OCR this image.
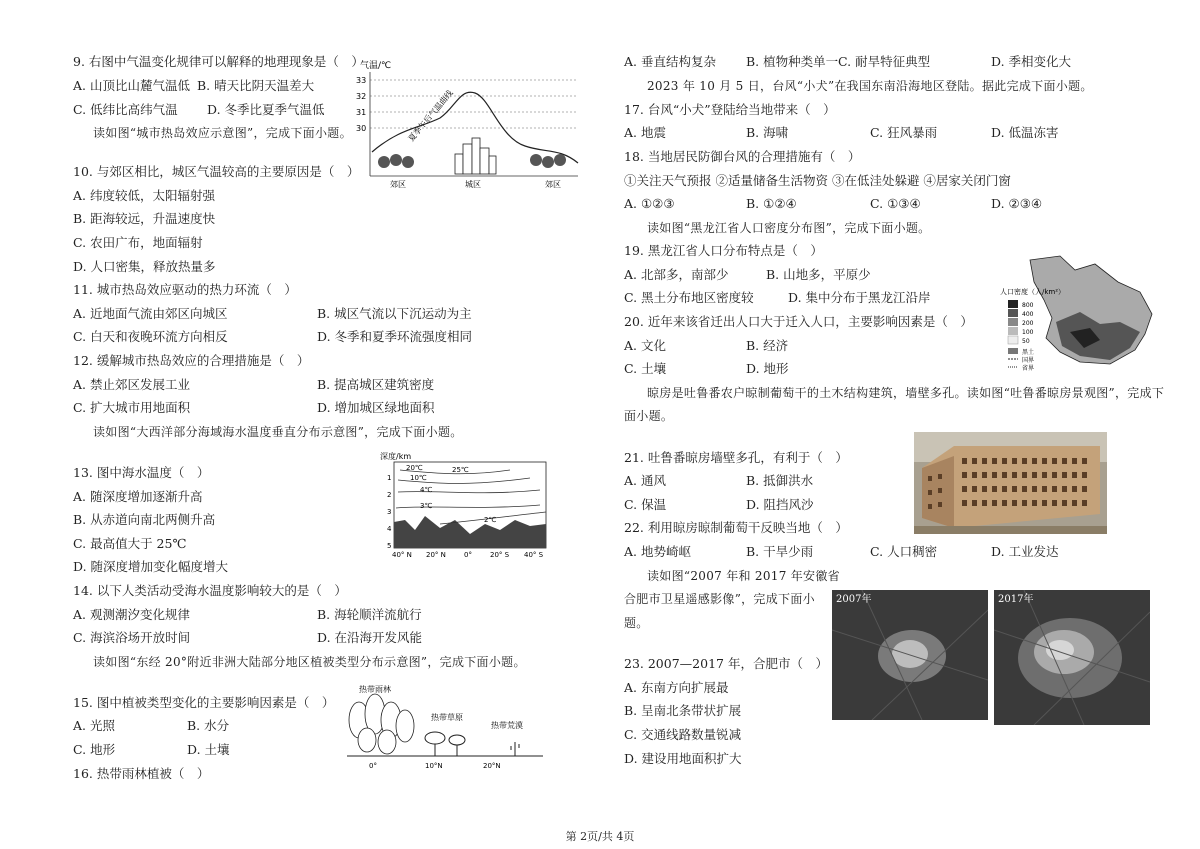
9. 右图中气温变化规律可以解释的地理现象是（　）
A. 山顶比山麓气温低 B. 晴天比阴天温差大
C. 低纬比高纬气温 D. 冬季比夏季气温低
读如图“城市热岛效应示意图”，完成下面小题。
气温/℃
33
32
31
30	夏季午后气温曲线
郊区	城区	郊区
10. 与郊区相比，城区气温较高的主要原因是（　）
A. 纬度较低，太阳辐射强
B. 距海较远，升温速度快
C. 农田广布，地面辐射
D. 人口密集，释放热量多
11. 城市热岛效应驱动的热力环流（　）
A. 近地面气流由郊区向城区	B. 城区气流以下沉运动为主
C. 白天和夜晚环流方向相反	D. 冬季和夏季环流强度相同
12. 缓解城市热岛效应的合理措施是（　）
A. 禁止郊区发展工业	B. 提高城区建筑密度
C. 扩大城市用地面积	D. 增加城区绿地面积
读如图“大西洋部分海域海水温度垂直分布示意图”，完成下面小题。
深度/km
20℃	25℃
10℃
4℃
3℃
2℃
1
2
3
4
5
40° N 20° N	0°	20° S 40° S
13. 图中海水温度（　）
A. 随深度增加逐渐升高
B. 从赤道向南北两侧升高
C. 最高值大于 25℃
D. 随深度增加变化幅度增大
14. 以下人类活动受海水温度影响较大的是（　）
A. 观测潮汐变化规律	B. 海轮顺洋流航行
C. 海滨浴场开放时间	D. 在沿海开发风能
读如图“东经 20°附近非洲大陆部分地区植被类型分布示意图”，完成下面小题。
热带雨林
热带草原
热带荒漠
0°	10°N	20°N
15. 图中植被类型变化的主要影响因素是（　）
A. 光照	B. 水分
C. 地形	D. 土壤
16. 热带雨林植被（　）
A. 垂直结构复杂 B. 植物种类单一 C. 耐旱特征典型	D. 季相变化大
2023 年 10 月 5 日，台风“小犬”在我国东南沿海地区登陆。据此完成下面小题。
17. 台风“小犬”登陆给当地带来（　）
A. 地震	B. 海啸	C. 狂风暴雨	D. 低温冻害
18. 当地居民防御台风的合理措施有（　）
①关注天气预报 ②适量储备生活物资 ③在低洼处躲避 ④居家关闭门窗
A. ①②③	B. ①②④	C. ①③④	D. ②③④
读如图“黑龙江省人口密度分布图”，完成下面小题。
人口密度（人/km²）
800
400
200
100
50
黑土
国界
省界
19. 黑龙江省人口分布特点是（　）
A. 北部多，南部少	B. 山地多，平原少
C. 黑土分布地区密度较	D. 集中分布于黑龙江沿岸
20. 近年来该省迁出人口大于迁入人口，主要影响因素是（　）
A. 文化	B. 经济
C. 土壤	D. 地形
晾房是吐鲁番农户晾制葡萄干的土木结构建筑，墙壁多孔。读如图“吐鲁番晾房景观图”，完成下
面小题。
21. 吐鲁番晾房墙壁多孔，有利于（　）
A. 通风	B. 抵御洪水
C. 保温	D. 阻挡风沙
22. 利用晾房晾制葡萄干反映当地（　）
A. 地势崎岖	B. 干旱少雨	C. 人口稠密	D. 工业发达
读如图“2007 年和 2017 年安徽省
合肥市卫星遥感影像”，完成下面小
题。
2007年	2017年
23. 2007—2017 年，合肥市（　）
A. 东南方向扩展最
B. 呈南北条带状扩展
C. 交通线路数量锐减
D. 建设用地面积扩大
第 2页/共 4页
